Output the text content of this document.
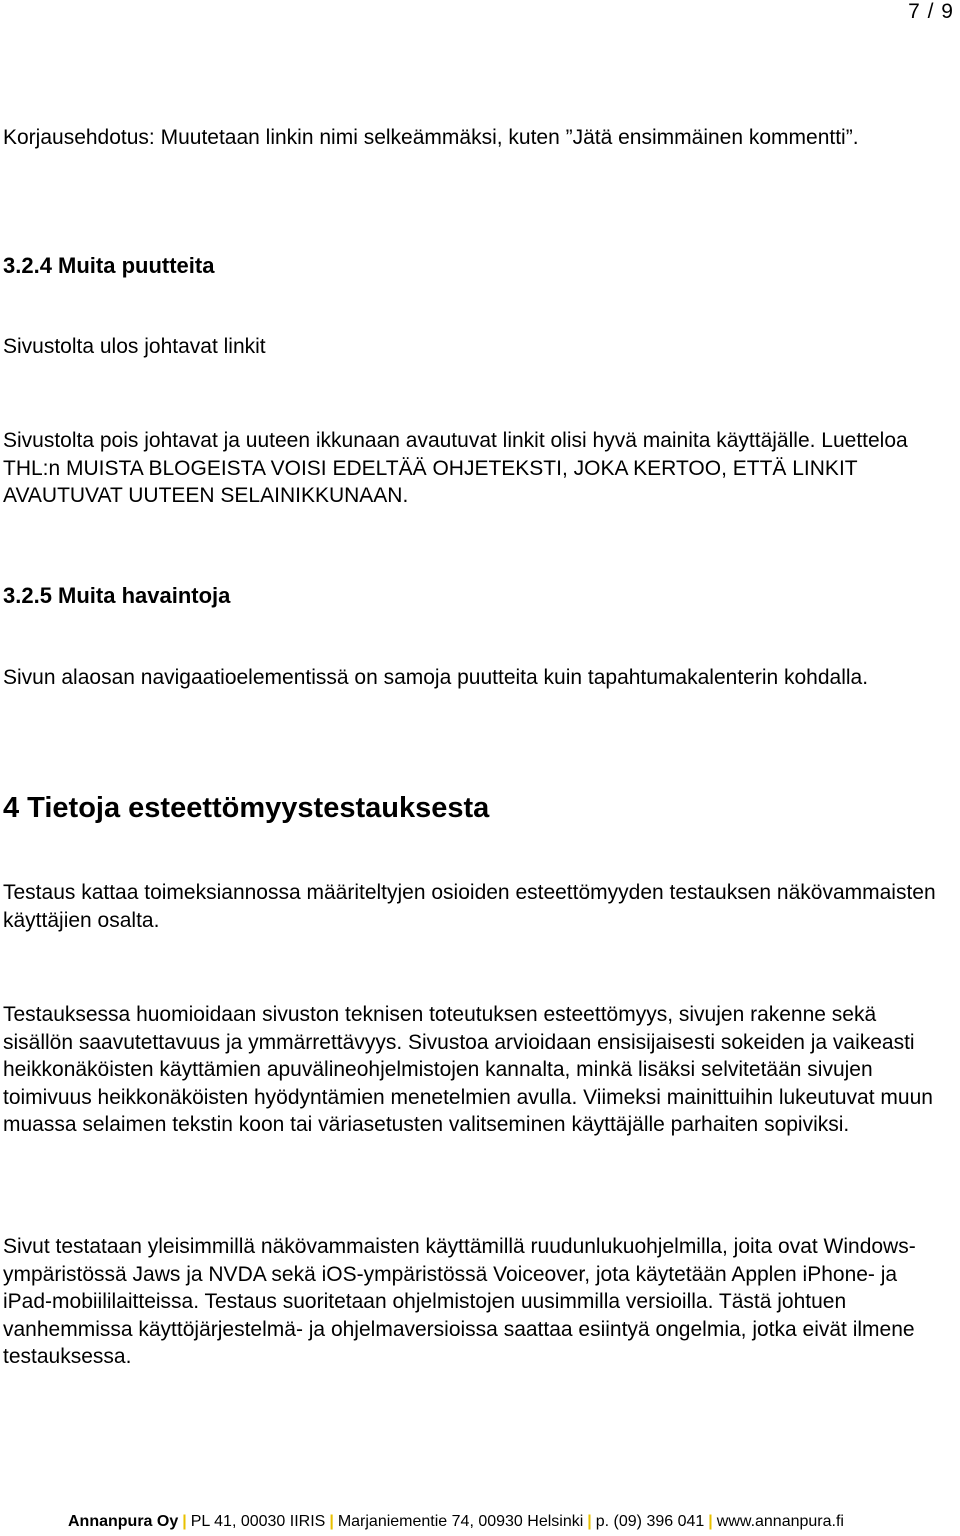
7 / 9

Korjausehdotus: Muutetaan linkin nimi selkeämmäksi, kuten ”Jätä ensimmäinen kommentti”.

3.2.4 Muita puutteita

Sivustolta ulos johtavat linkit

Sivustolta pois johtavat ja uuteen ikkunaan avautuvat linkit olisi hyvä mainita käyttäjälle. Luetteloa THL:n MUISTA BLOGEISTA VOISI EDELTÄÄ OHJETEKSTI, JOKA KERTOO, ETTÄ LINKIT AVAUTUVAT UUTEEN SELAINIKKUNAAN.

3.2.5 Muita havaintoja

Sivun alaosan navigaatioelementissä on samoja puutteita kuin tapahtumakalenterin kohdalla.

4 Tietoja esteettömyystestauksesta

Testaus kattaa toimeksiannossa määriteltyjen osioiden esteettömyyden testauksen näkövammaisten käyttäjien osalta.

Testauksessa huomioidaan sivuston teknisen toteutuksen esteettömyys, sivujen rakenne sekä sisällön saavutettavuus ja ymmärrettävyys. Sivustoa arvioidaan ensisijaisesti sokeiden ja vaikeasti heikkonäköisten käyttämien apuvälineohjelmistojen kannalta, minkä lisäksi selvitetään sivujen toimivuus heikkonäköisten hyödyntämien menetelmien avulla. Viimeksi mainittuihin lukeutuvat muun muassa selaimen tekstin koon tai väriasetusten valitseminen käyttäjälle parhaiten sopiviksi.

Sivut testataan yleisimmillä näkövammaisten käyttämillä ruudunlukuohjelmilla, joita ovat Windows-ympäristössä Jaws ja NVDA sekä iOS-ympäristössä Voiceover, jota käytetään Applen iPhone- ja iPad-mobiililaitteissa. Testaus suoritetaan ohjelmistojen uusimmilla versioilla. Tästä johtuen vanhemmissa käyttöjärjestelmä- ja ohjelmaversioissa saattaa esiintyä ongelmia, jotka eivät ilmene testauksessa.

Annanpura Oy | PL 41, 00030 IIRIS | Marjaniementie 74, 00930 Helsinki | p. (09) 396 041 | www.annanpura.fi
